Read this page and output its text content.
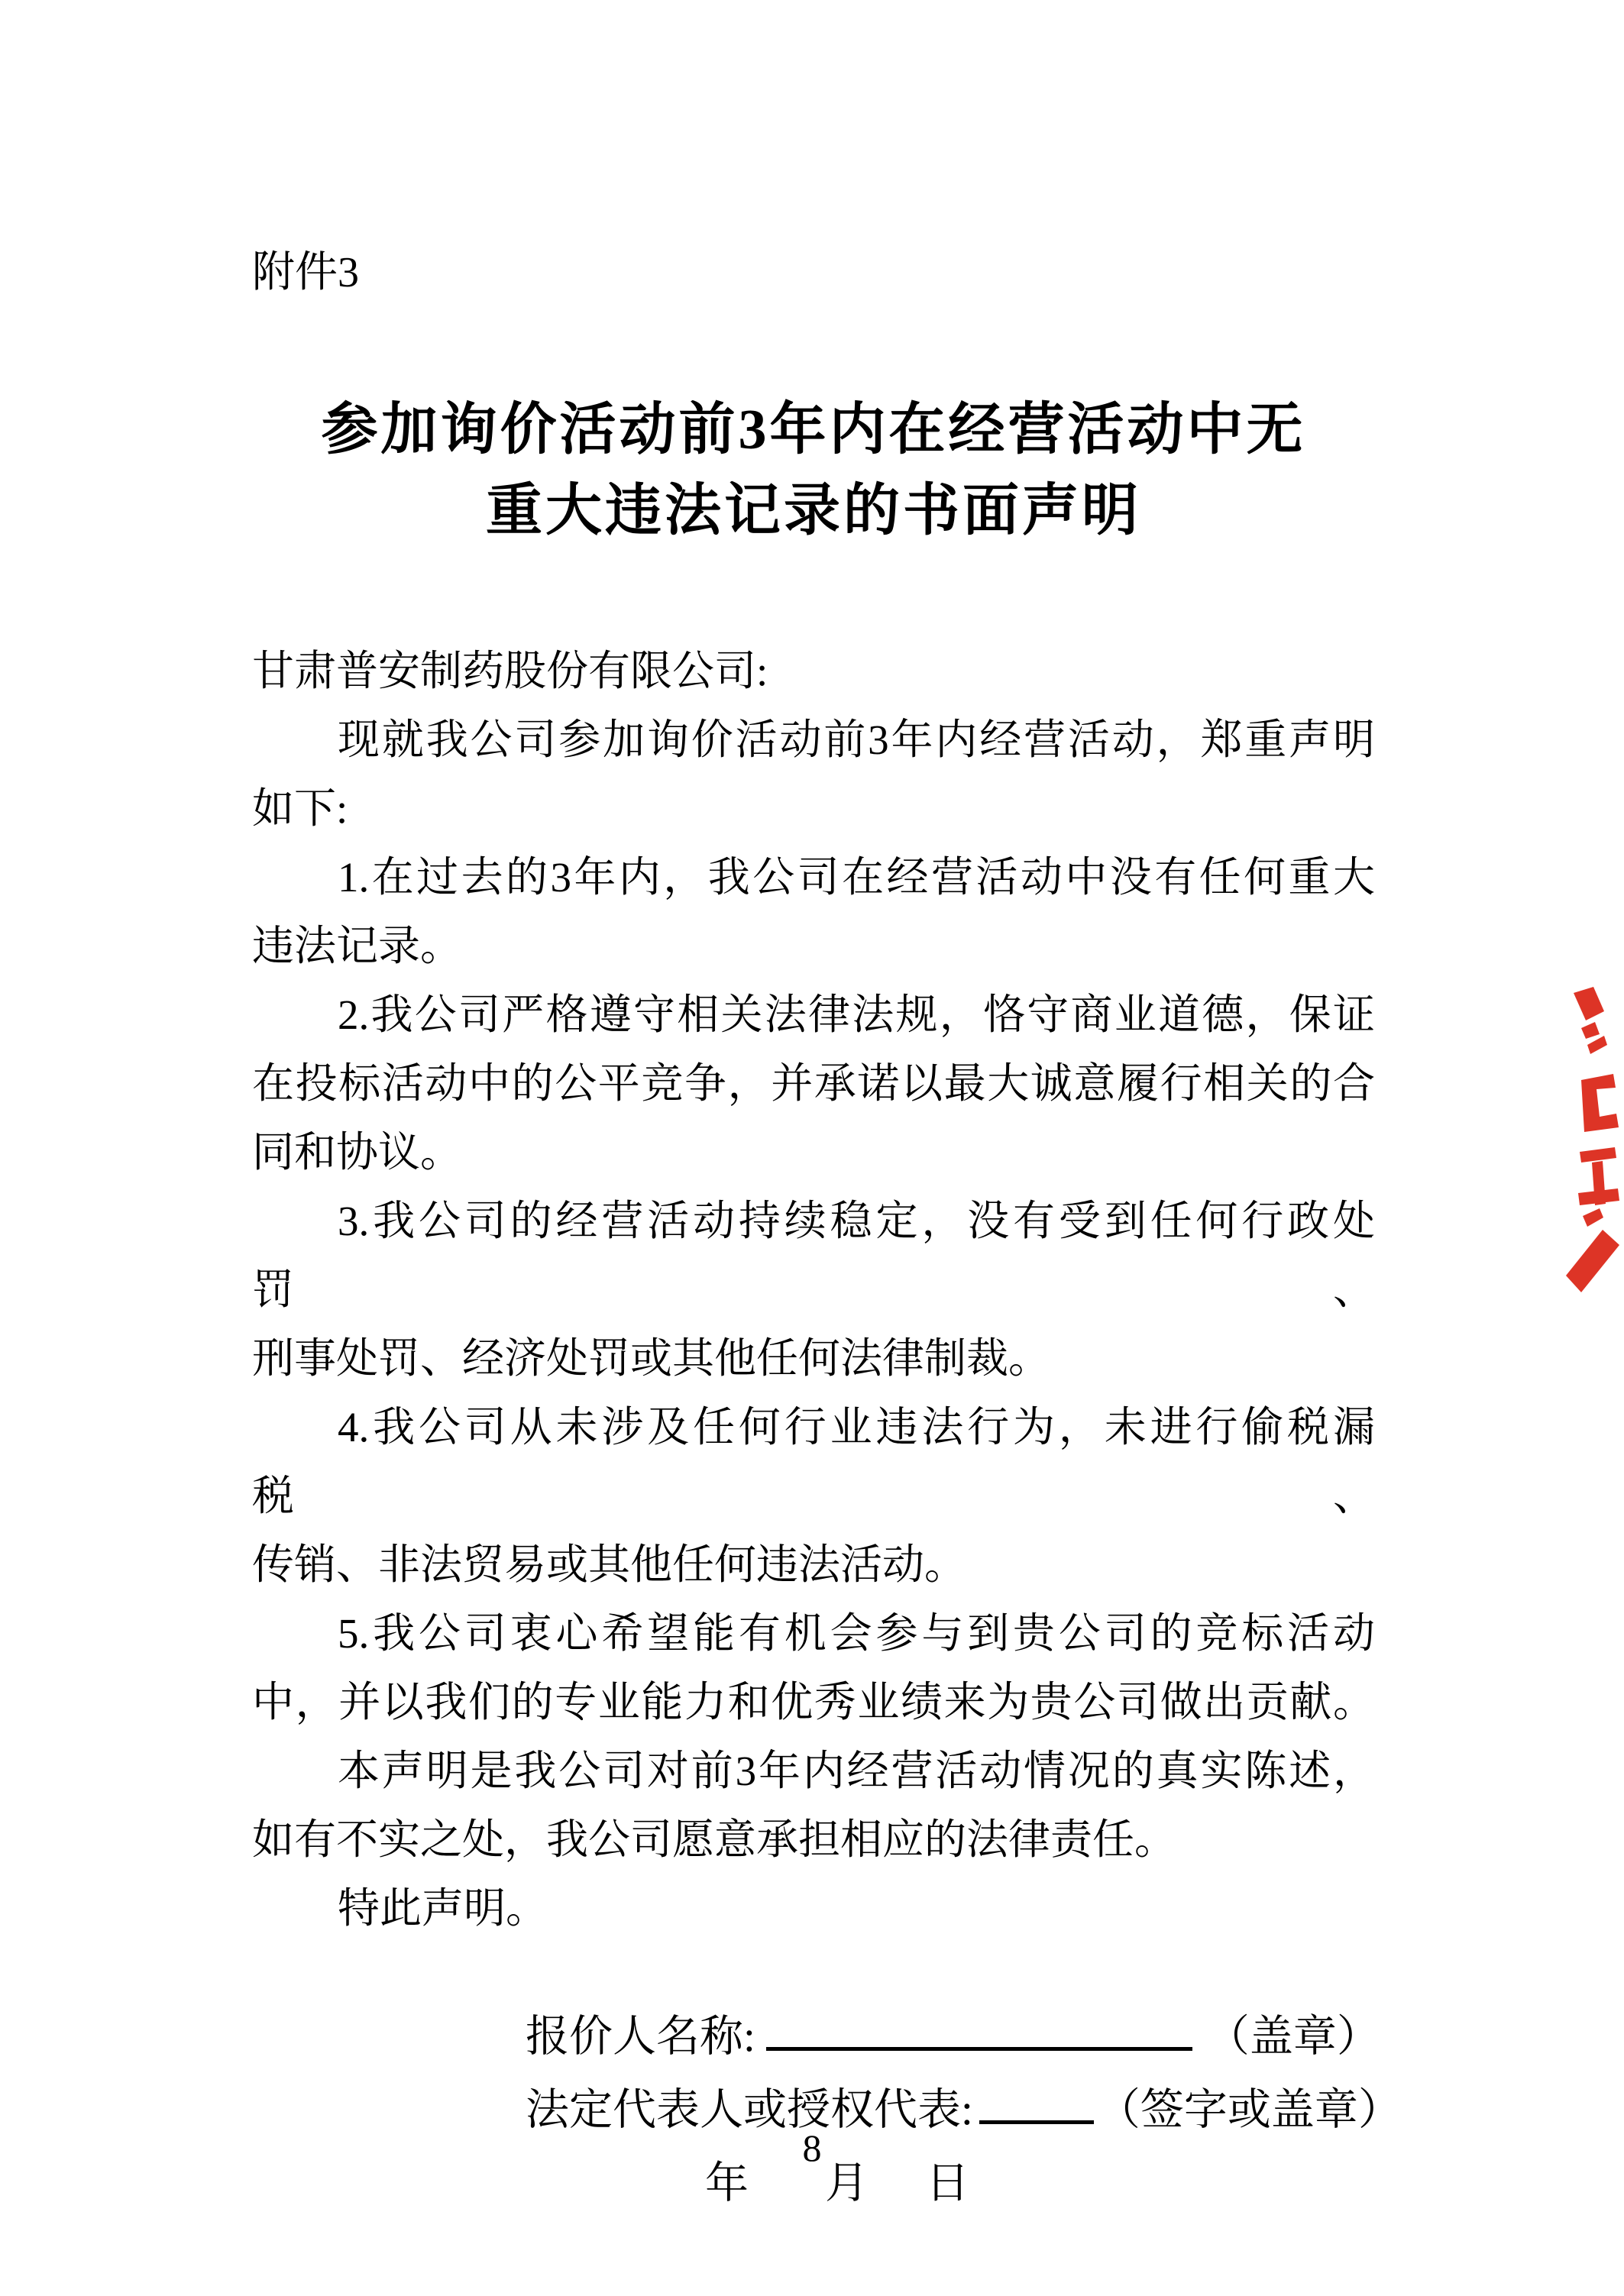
附件3
参加询价活动前3年内在经营活动中无
重大违法记录的书面声明

甘肃普安制药股份有限公司:

现就我公司参加询价活动前3年内经营活动，郑重声明

如下:

1.在过去的3年内，我公司在经营活动中没有任何重大

违法记录。

2.我公司严格遵守相关法律法规，恪守商业道德，保证

在投标活动中的公平竞争，并承诺以最大诚意履行相关的合

同和协议。

3.我公司的经营活动持续稳定，没有受到任何行政处罚、

刑事处罚、经济处罚或其他任何法律制裁。

4.我公司从未涉及任何行业违法行为，未进行偷税漏税、

传销、非法贸易或其他任何违法活动。

5.我公司衷心希望能有机会参与到贵公司的竞标活动

中，并以我们的专业能力和优秀业绩来为贵公司做出贡献。

本声明是我公司对前3年内经营活动情况的真实陈述，

如有不实之处，我公司愿意承担相应的法律责任。

特此声明。

报价人名称:	（盖章）

法定代表人或授权代表:	（签字或盖章）

年 月 日

8
